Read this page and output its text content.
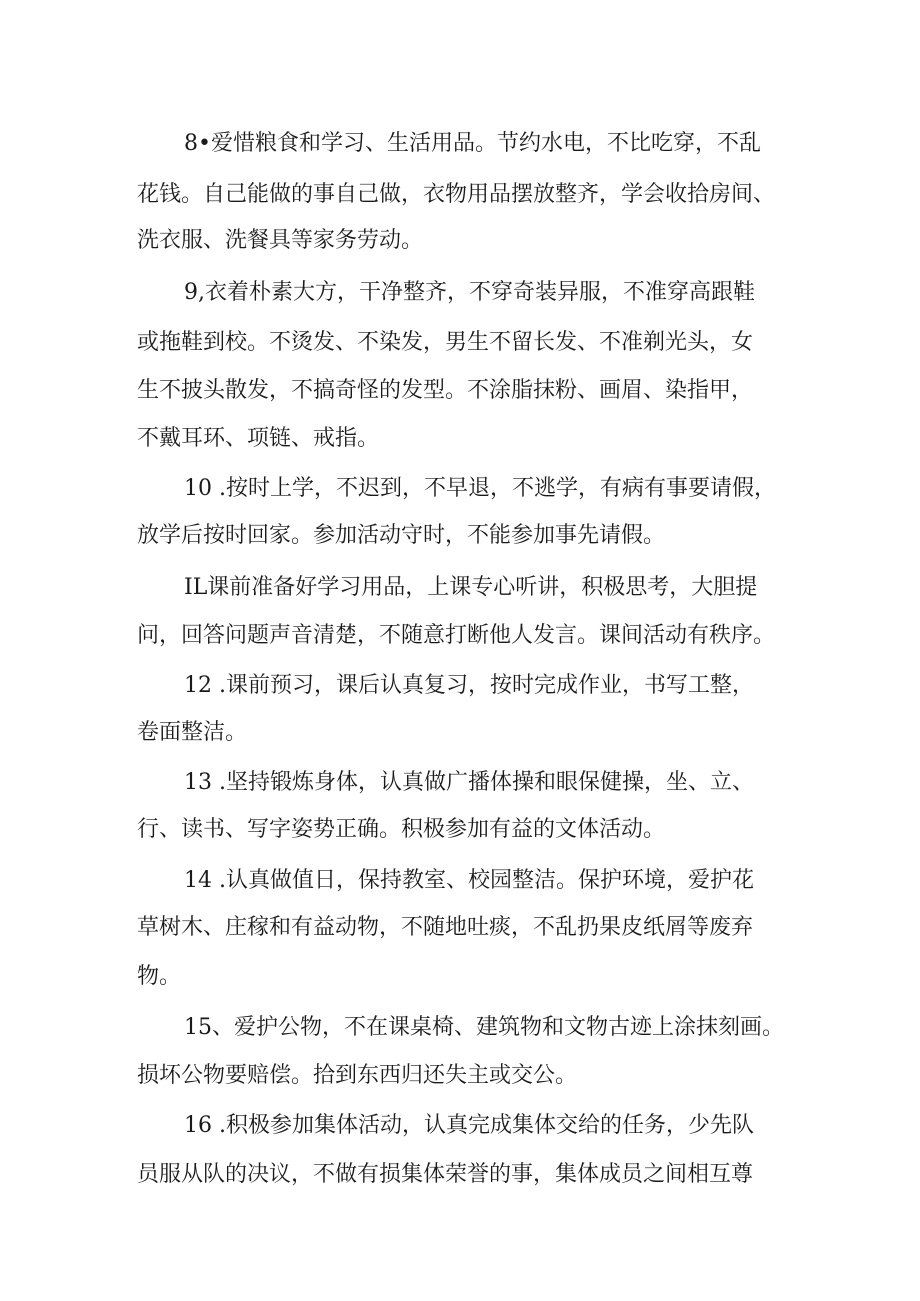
8•爱惜粮食和学习、生活用品。节约水电，不比吃穿，不乱
花钱。自己能做的事自己做，衣物用品摆放整齐，学会收拾房间、
洗衣服、洗餐具等家务劳动。
9,衣着朴素大方，干净整齐，不穿奇装异服，不准穿高跟鞋
或拖鞋到校。不烫发、不染发，男生不留长发、不准剃光头，女
生不披头散发，不搞奇怪的发型。不涂脂抹粉、画眉、染指甲，
不戴耳环、项链、戒指。
10 .按时上学，不迟到，不早退，不逃学，有病有事要请假，
放学后按时回家。参加活动守时，不能参加事先请假。
IL课前准备好学习用品，上课专心听讲，积极思考，大胆提
问，回答问题声音清楚，不随意打断他人发言。课间活动有秩序。
12 .课前预习，课后认真复习，按时完成作业，书写工整，
卷面整洁。
13 .坚持锻炼身体，认真做广播体操和眼保健操，坐、立、
行、读书、写字姿势正确。积极参加有益的文体活动。
14 .认真做值日，保持教室、校园整洁。保护环境，爱护花
草树木、庄稼和有益动物，不随地吐痰，不乱扔果皮纸屑等废弃
物。
15、爱护公物，不在课桌椅、建筑物和文物古迹上涂抹刻画。
损坏公物要赔偿。拾到东西归还失主或交公。
16 .积极参加集体活动，认真完成集体交给的任务，少先队
员服从队的决议，不做有损集体荣誉的事，集体成员之间相互尊
